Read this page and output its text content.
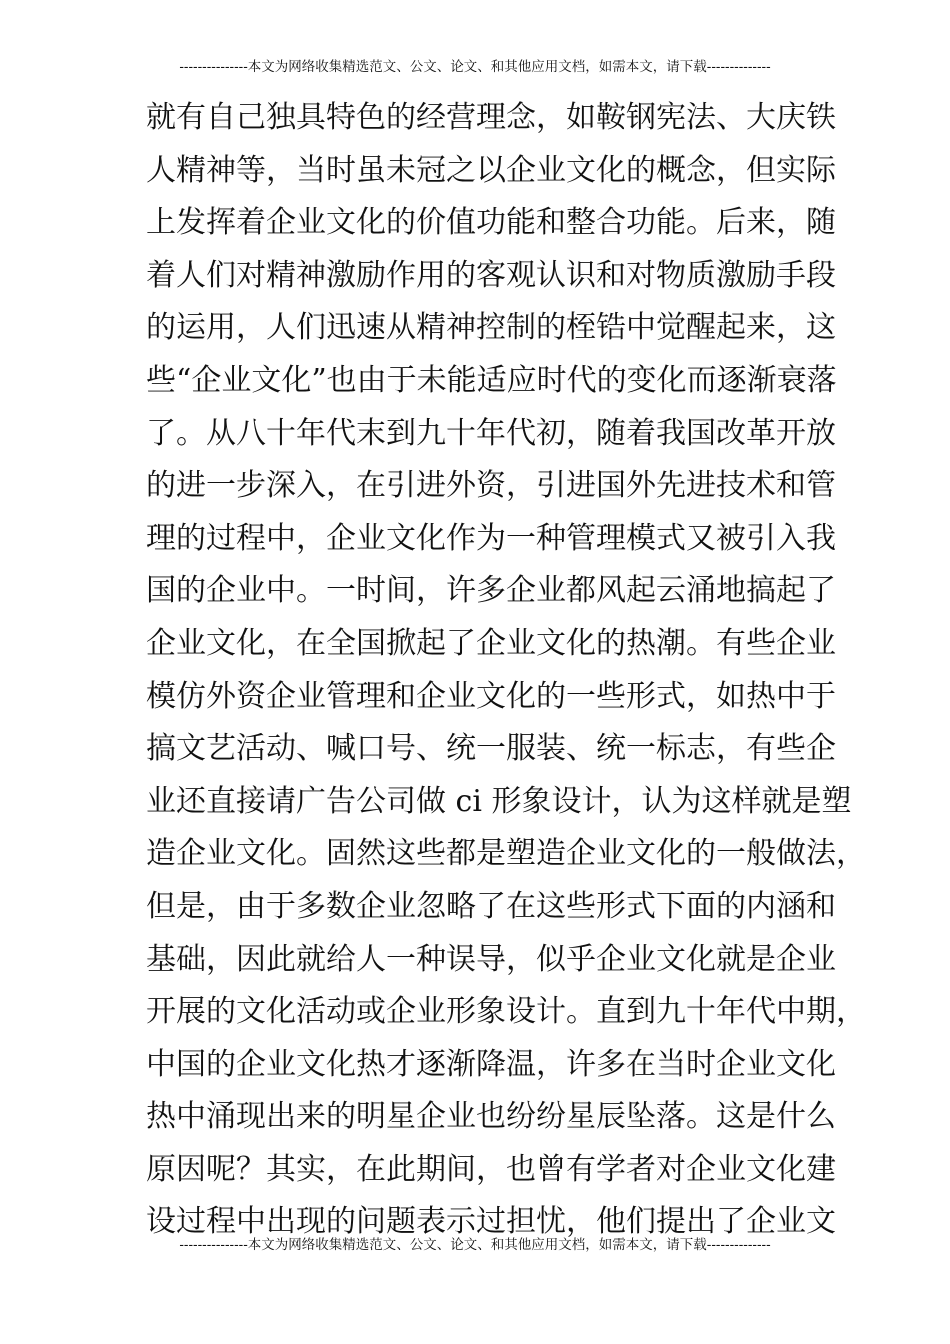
---------------本文为网络收集精选范文、公文、论文、和其他应用文档，如需本文，请下载--------------
就有自己独具特色的经营理念，如鞍钢宪法、大庆铁
人精神等，当时虽未冠之以企业文化的概念，但实际
上发挥着企业文化的价值功能和整合功能。后来，随
着人们对精神激励作用的客观认识和对物质激励手段
的运用，人们迅速从精神控制的桎锆中觉醒起来，这
些“企业文化”也由于未能适应时代的变化而逐渐衰落
了。从八十年代末到九十年代初，随着我国改革开放
的进一步深入，在引进外资，引进国外先进技术和管
理的过程中，企业文化作为一种管理模式又被引入我
国的企业中。一时间，许多企业都风起云涌地搞起了
企业文化，在全国掀起了企业文化的热潮。有些企业
模仿外资企业管理和企业文化的一些形式，如热中于
搞文艺活动、喊口号、统一服装、统一标志，有些企
业还直接请广告公司做 ci 形象设计，认为这样就是塑
造企业文化。固然这些都是塑造企业文化的一般做法，
但是，由于多数企业忽略了在这些形式下面的内涵和
基础，因此就给人一种误导，似乎企业文化就是企业
开展的文化活动或企业形象设计。直到九十年代中期，
中国的企业文化热才逐渐降温，许多在当时企业文化
热中涌现出来的明星企业也纷纷星辰坠落。这是什么
原因呢？其实，在此期间，也曾有学者对企业文化建
设过程中出现的问题表示过担忧，他们提出了企业文
---------------本文为网络收集精选范文、公文、论文、和其他应用文档，如需本文，请下载--------------
